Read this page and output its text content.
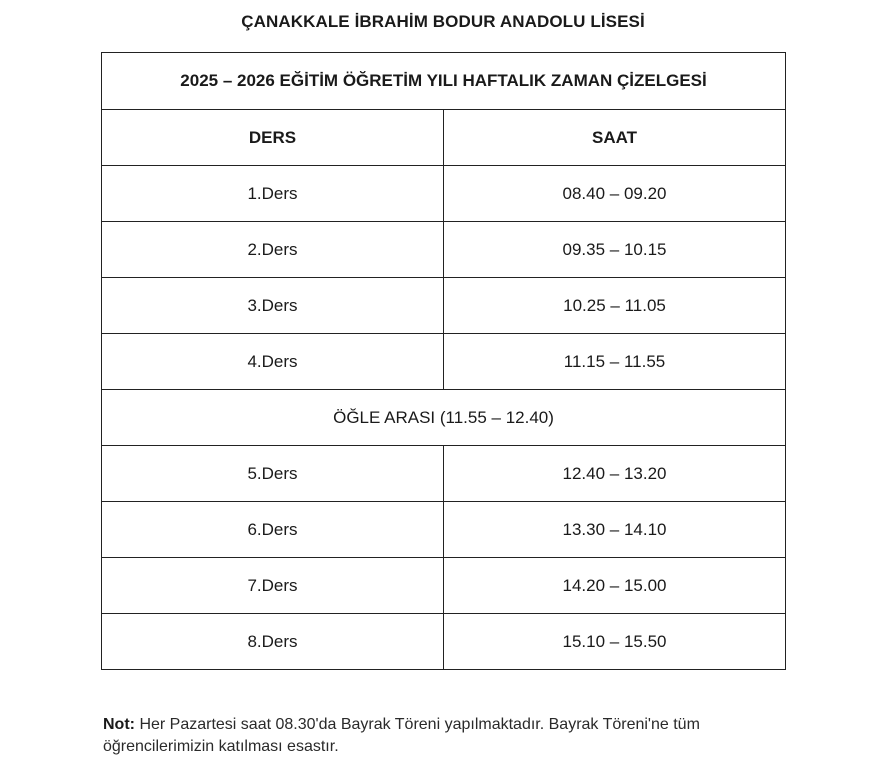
ÇANAKKALE İBRAHİM BODUR ANADOLU LİSESİ
2025 – 2026 EĞİTİM ÖĞRETİM YILI HAFTALIK ZAMAN ÇİZELGESİ	
DERS	SAAT
1.Ders	08.40 – 09.20
2.Ders	09.35 – 10.15
3.Ders	10.25 – 11.05
4.Ders	11.15 – 11.55
ÖĞLE ARASI (11.55 – 12.40)	
5.Ders	12.40 – 13.20
6.Ders	13.30 – 14.10
7.Ders	14.20 – 15.00
8.Ders	15.10 – 15.50
Not: Her Pazartesi saat 08.30'da Bayrak Töreni yapılmaktadır. Bayrak Töreni'ne tüm öğrencilerimizin katılması esastır.
